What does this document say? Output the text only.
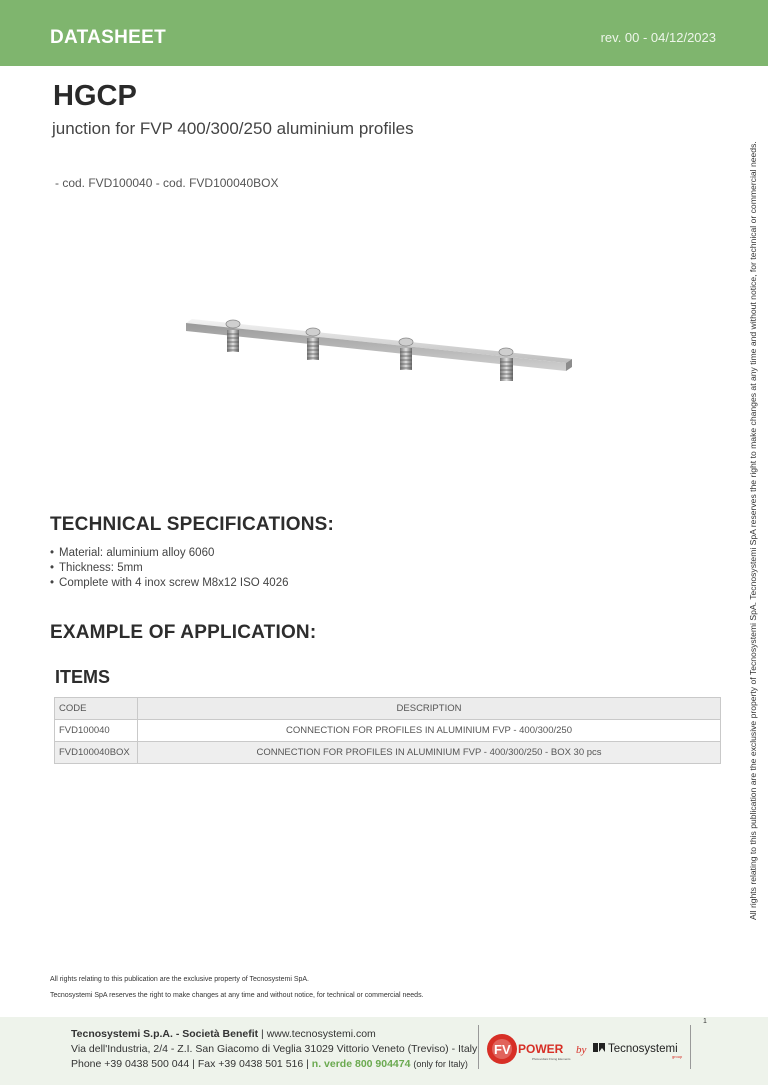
DATASHEET	rev. 00 - 04/12/2023
HGCP
junction for FVP 400/300/250 aluminium profiles
- cod. FVD100040 - cod. FVD100040BOX	All rights relating to this publication are the exclusive property of Tecnosystemi SpA. Tecnosystemi SpA reserves the right to make changes at any time and without notice, for technical or commercial needs.
TECHNICAL SPECIFICATIONS:
• Material: aluminium alloy 6060
• Thickness: 5mm
• Complete with 4 inox screw M8x12 ISO 4026
EXAMPLE OF APPLICATION:
ITEMS
CODE	DESCRIPTION
FVD100040	CONNECTION FOR PROFILES IN ALUMINIUM FVP - 400/300/250
FVD100040BOX	CONNECTION FOR PROFILES IN ALUMINIUM FVP - 400/300/250 - BOX 30 pcs
All rights relating to this publication are the exclusive property of Tecnosystemi SpA.
Tecnosystemi SpA reserves the right to make changes at any time and without notice, for technical or commercial needs.
Tecnosystemi S.p.A. - Società Benefit | www.tecnosystemi.com
Via dell'Industria, 2/4 - Z.I. San Giacomo di Veglia 31029 Vittorio Veneto (Treviso) - Italy
Phone +39 0438 500 044 | Fax +39 0438 501 516 | n. verde 800 904474 (only for Italy)
FV POWER
Photovoltaic Fixing Elements
by Tecnosystemi
group
1
